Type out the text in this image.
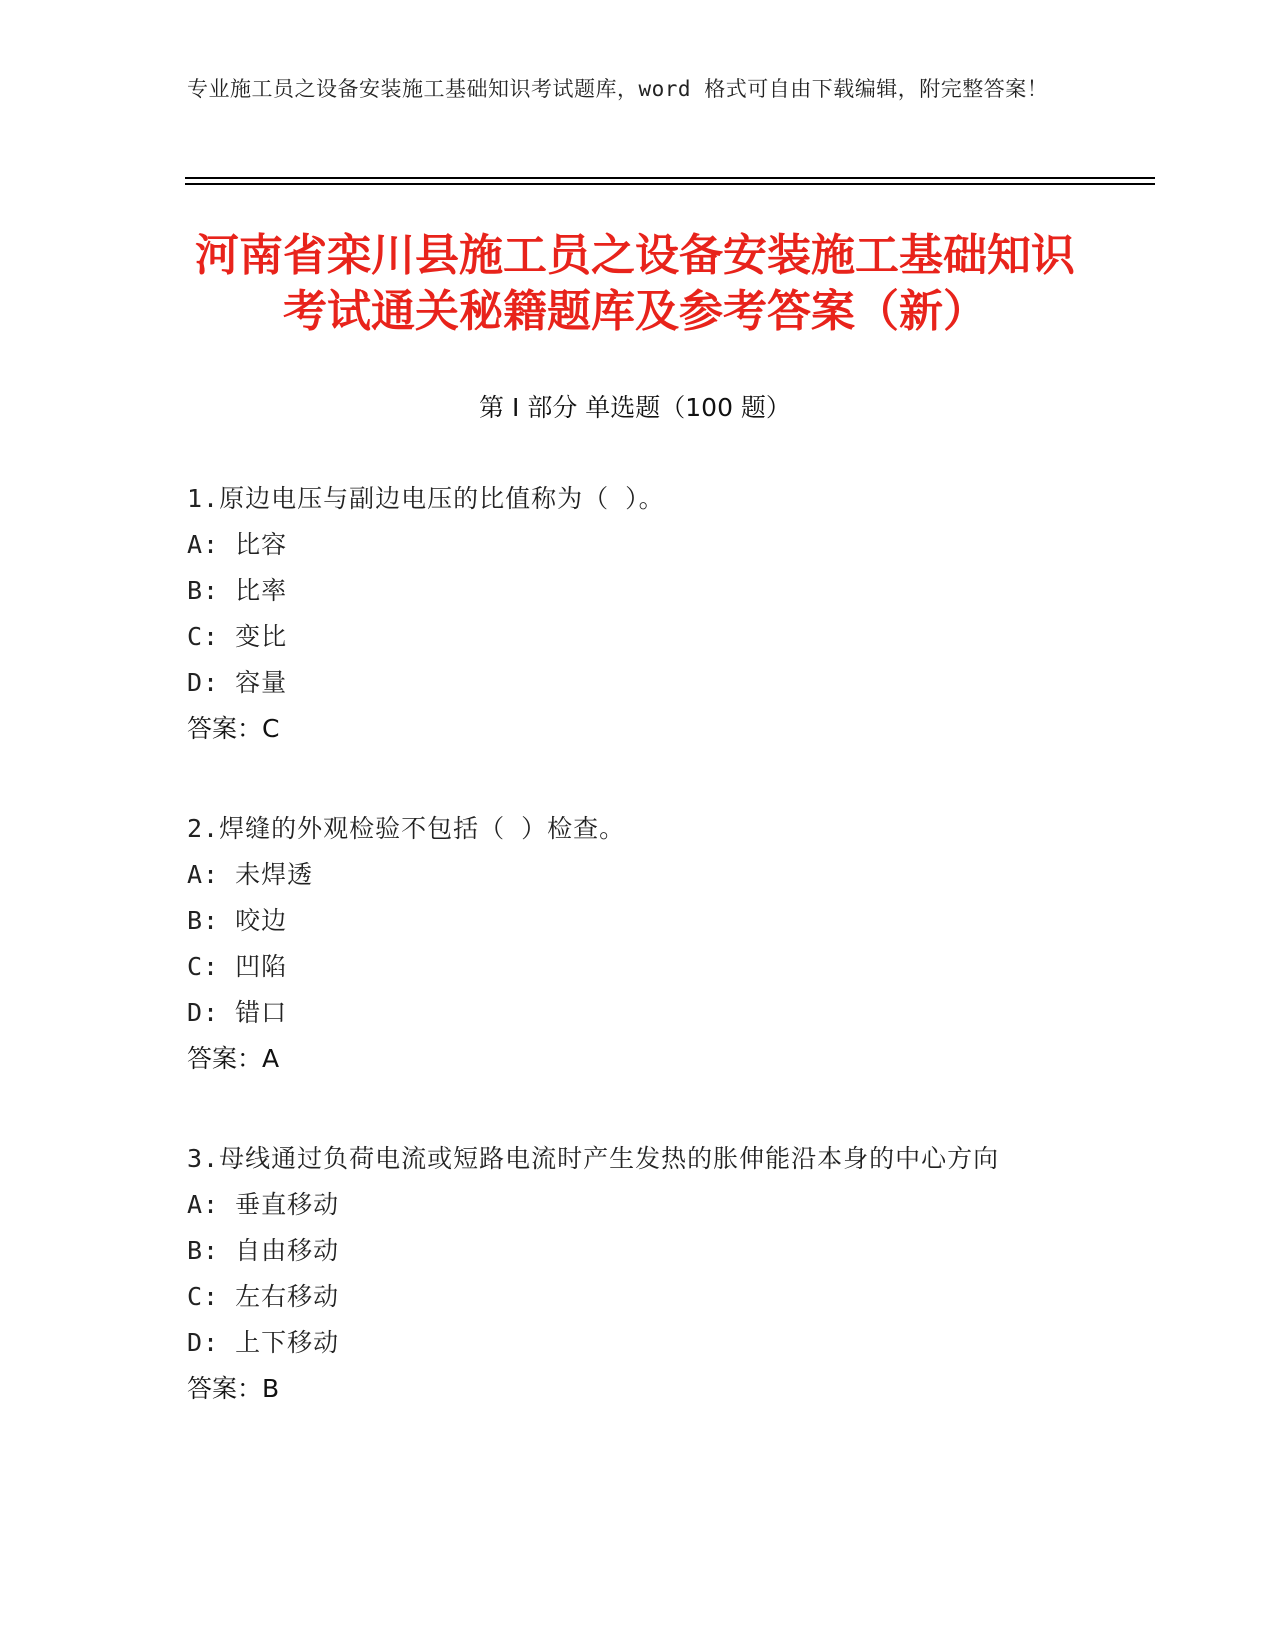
专业施工员之设备安装施工基础知识考试题库，word 格式可自由下载编辑，附完整答案！
河南省栾川县施工员之设备安装施工基础知识考试通关秘籍题库及参考答案（新）
第 I 部分 单选题（100 题）
1.原边电压与副边电压的比值称为（ ）。
A: 比容
B: 比率
C: 变比
D: 容量
答案：C
2.焊缝的外观检验不包括（ ）检查。
A: 未焊透
B: 咬边
C: 凹陷
D: 错口
答案：A
3.母线通过负荷电流或短路电流时产生发热的胀伸能沿本身的中心方向
A: 垂直移动
B: 自由移动
C: 左右移动
D: 上下移动
答案：B
